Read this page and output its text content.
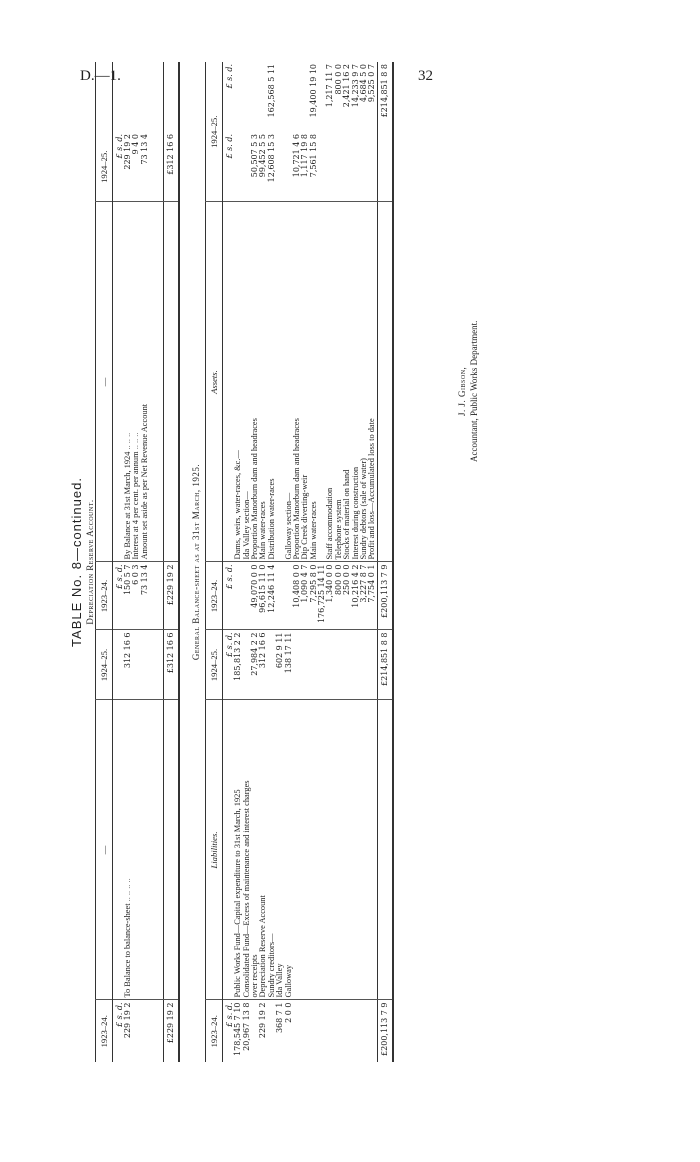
D.—1.	32
TABLE No. 8—continued. Depreciation Reserve Account.
1923–24.	—	1924–25.	1923–24.	—	1924–25.	
£ s. d.			£ s. d.		£ s. d.	
229 19 2	To Balance to balance-sheet .. .. .. ..	312 16 6	150 5 7	By Balance at 31st March, 1924 .. .. ..	229 19 2	
			6 0 3	Interest at 4 per cent. per annum .. .. ..	9 4 0	
			73 13 4	Amount set aside as per Net Revenue Account	73 13 4	

£229 19 2		£312 16 6	£229 19 2		£312 16 6	
General Balance-sheet as at 31st March, 1925.
1923–24.	Liabilities.	1924–25.	1923–24.	Assets.	1924–25.	
£ s. d.		£ s. d.	£ s. d.		£ s. d.	£ s. d.
178,545 7 10	Public Works Fund—Capital expenditure to 31st March, 1925	185,813 2 2		Dams, weirs, water-races, &c.—		
20,967 13 8	Consolidated Fund—Excess of maintenance and interest charges			Ida Valley section—		
	over receipts	27,984 2 2	49,070 0 0	Proportion Manorburn dam and headraces	50,507 5 3	
229 19 2	Depreciation Reserve Account	312 16 6	96,615 11 0	Main water-races	99,452 5 5	
	Sundry creditors—		12,246 11 4	Distribution water-races	12,608 15 3	162,568 5 11
368 7 1	Ida Valley	602 9 11				
2 0 0	Galloway	138 17 11		Galloway section—		
			10,408 0 0	Proportion Manorburn dam and headraces	10,721 4 6	
			1,090 4 7	Dip Creek diverting-weir	1,117 19 8	
			7,295 8 0	Main water-races	7,561 15 8	19,400 19 10
			176,725 14 11			
			1,340 0 0	Staff accommodation		1,217 11 7
			800 0 0	Telephone system		800 0 0
			250 0 0	Stocks of material on hand		2,421 16 2
			10,216 4 2	Interest during construction		14,233 9 7
			3,227 8 7	Sundry debtors (sale of water)		4,684 5 0
			7,754 0 1	Profit and loss—Accumulated loss to date		9,525 0 7
£200,113 7 9		£214,851 8 8	£200,113 7 9			£214,851 8 8
J. J. Gibson, Accountant, Public Works Department.
